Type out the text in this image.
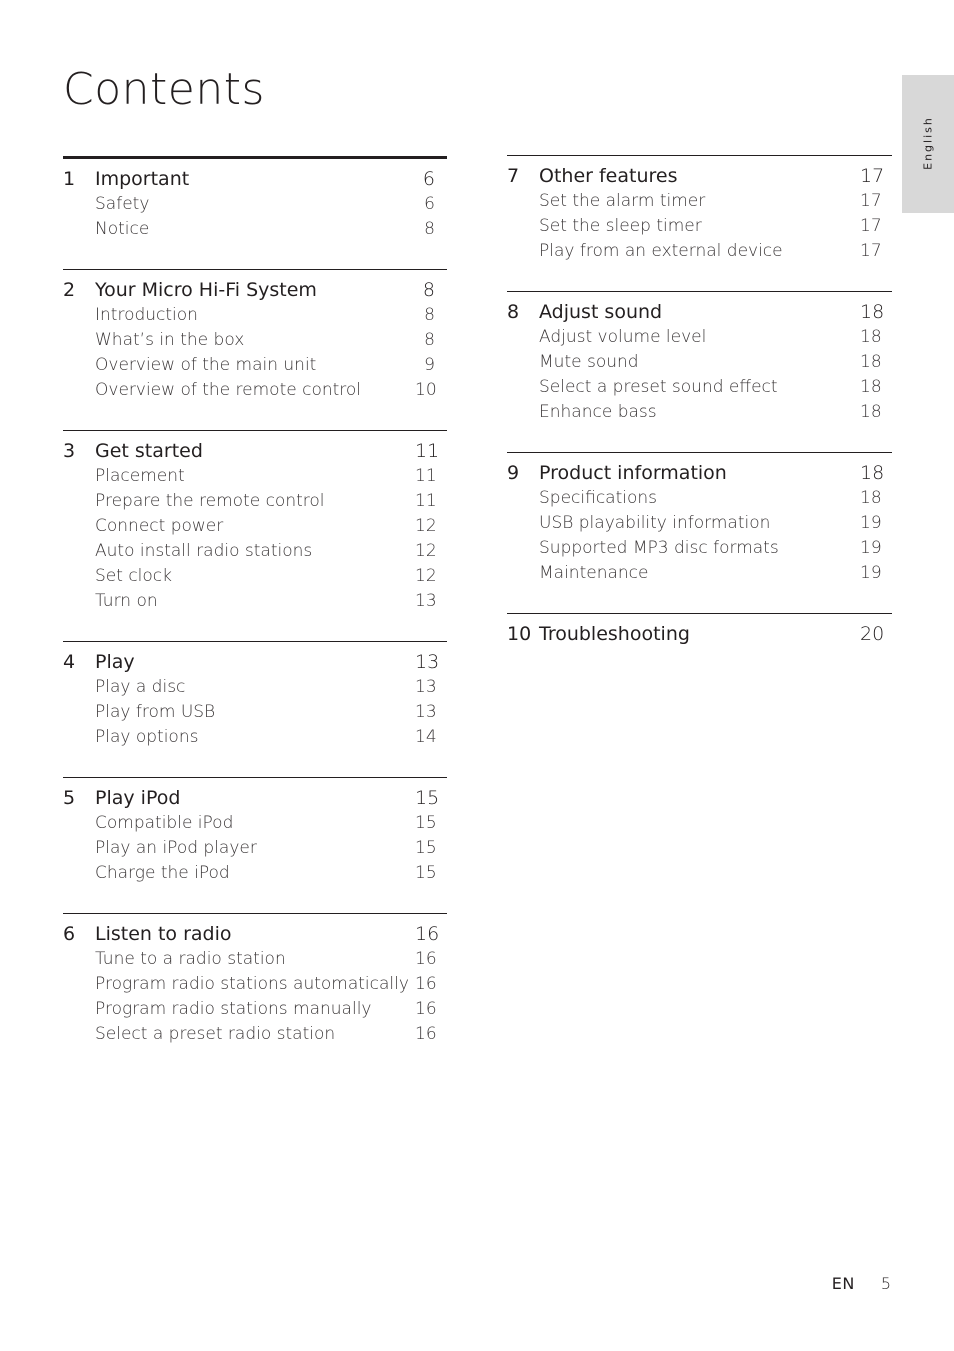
Contents
English
1	Important	6
Safety	6
Notice	8
2	Your Micro Hi-Fi System	8
Introduction	8
What’s in the box	8
Overview of the main unit	9
Overview of the remote control	10
3	Get started	11
Placement	11
Prepare the remote control	11
Connect power	12
Auto install radio stations	12
Set clock	12
Turn on	13
4	Play	13
Play a disc	13
Play from USB	13
Play options	14
5	Play iPod	15
Compatible iPod	15
Play an iPod player	15
Charge the iPod	15
6	Listen to radio	16
Tune to a radio station	16
Program radio stations automatically 16
Program radio stations manually	16
Select a preset radio station	16
7	Other features	17
Set the alarm timer	17
Set the sleep timer	17
Play from an external device	17
8	Adjust sound	18
Adjust volume level	18
Mute sound	18
Select a preset sound effect	18
Enhance bass	18
9	Product information	18
Specifications	18
USB playability information	19
Supported MP3 disc formats	19
Maintenance	19
10 Troubleshooting	20
EN 5
